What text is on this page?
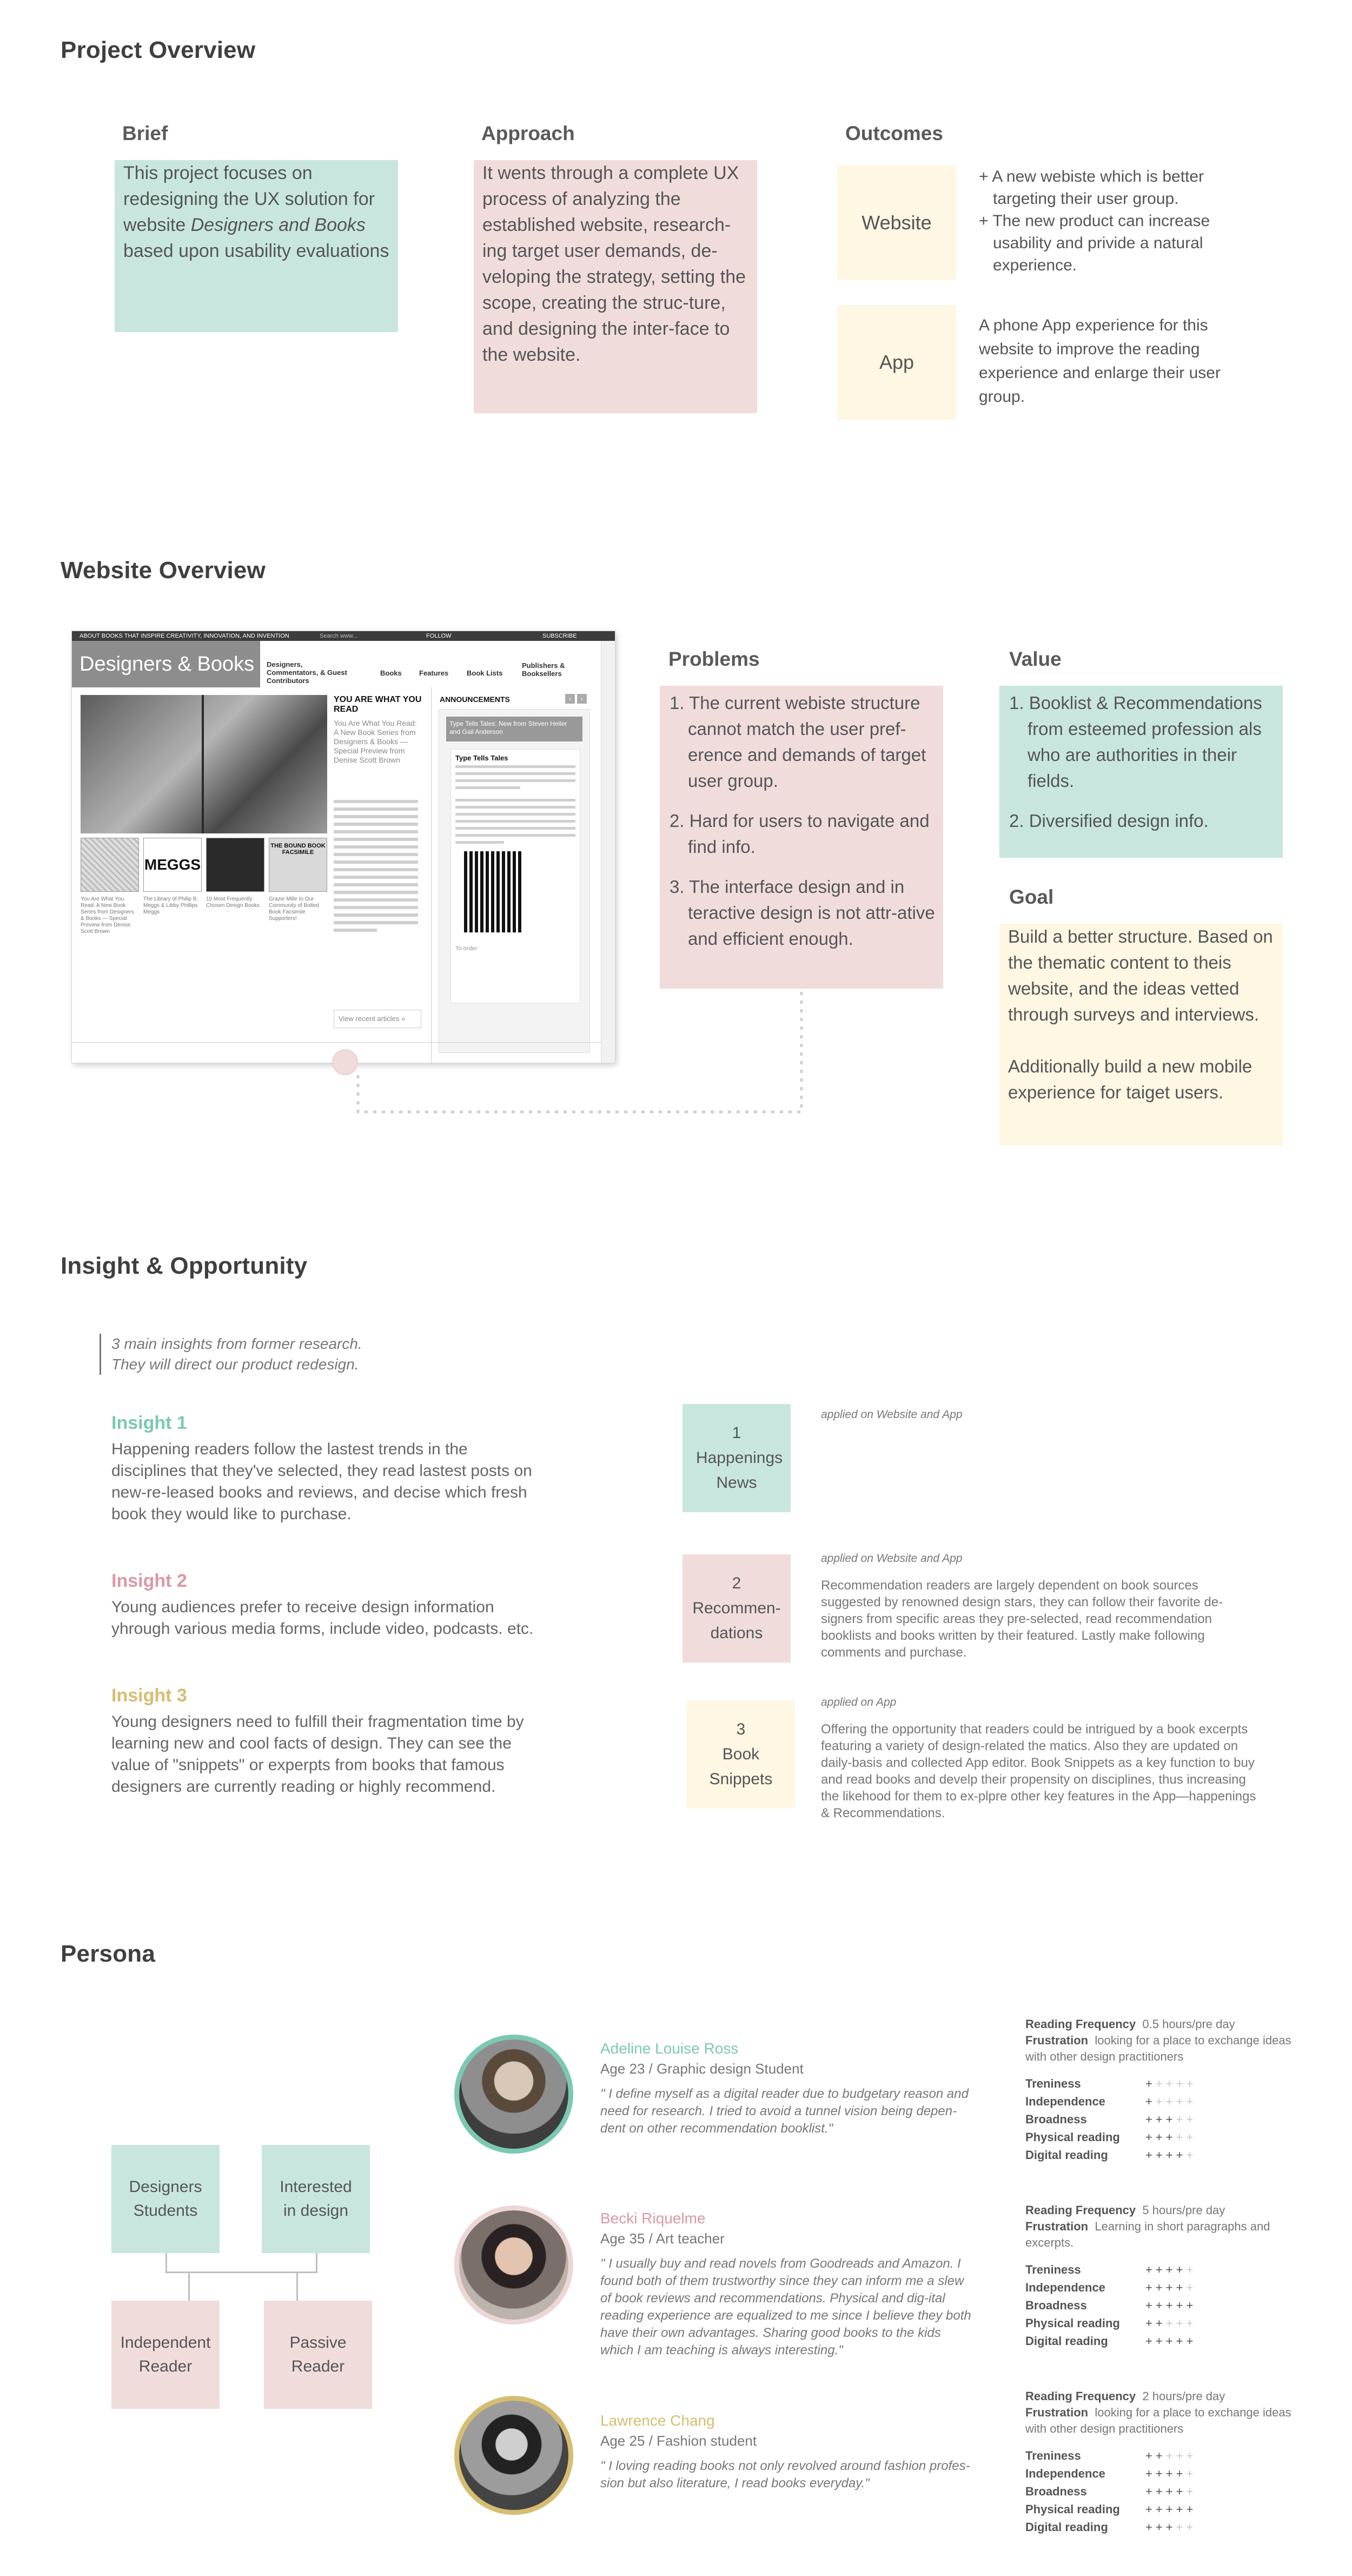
Project Overview
Brief
This project focuses on redesigning the UX solution for website Designers and Books based upon usability evaluations
Approach
It wents through a complete UX process of analyzing the established website, research-ing target user demands, de-veloping the strategy, setting the scope, creating the struc-ture, and designing the inter-face to the website.
Outcomes
Website
+ A new webiste which is better targeting their user group.
+ The new product can increase usability and privide a natural experience.
App
A phone App experience for this website to improve the reading experience and enlarge their user group.
Website Overview
ABOUT BOOKS THAT INSPIRE CREATIVITY, INNOVATION, AND INVENTION	Search www...	FOLLOW	SUBSCRIBE
Designers & Books	Designers, Commentators, & Guest Contributors
Books Features	Book Lists
Publishers & Booksellers
MEGGS
THE BOUND BOOK FACSIMILE
You Are What You Read: A New Book Series from Designers & Books — Special Preview from Denise Scott Brown
The Library of Philip B. Meggs & Libby Phillips Meggs
10 Most Frequently Chosen Design Books
Grazie Mille to Our Community of Bolted Book Facsimile Supporters!
YOU ARE WHAT YOU READ
You Are What You Read: A New Book Series from Designers & Books — Special Preview from Denise Scott Brown
View recent articles »
ANNOUNCEMENTS	‹	›
Type Tells Tales: New from Steven Heller and Gail Anderson
Type Tells Tales
To order
Problems
1. The current webiste structure cannot match the user pref-erence and demands of target user group.
2. Hard for users to navigate and find info.
3. The interface design and in teractive design is not attr-ative and efficient enough.
Value
1. Booklist & Recommendations from esteemed profession als who are authorities in their fields.
2. Diversified design info.
Goal
Build a better structure. Based on the thematic content to theis website, and the ideas vetted through surveys and interviews.
Additionally build a new mobile experience for taiget users.
Insight & Opportunity
3 main insights from former research.
They will direct our product redesign.
Insight 1
Happening readers follow the lastest trends in the disciplines that they've selected, they read lastest posts on new-re-leased books and reviews, and decise which fresh book they would like to purchase.
Insight 2
Young audiences prefer to receive design information yhrough various media forms, include video, podcasts. etc.
Insight 3
Young designers need to fulfill their fragmentation time by learning new and cool facts of design. They can see the value of "snippets" or experpts from books that famous designers are currently reading or highly recommend.
1
Happenings News
applied on Website and App
2
Recommen-dations
applied on Website and App
Recommendation readers are largely dependent on book sources suggested by renowned design stars, they can follow their favorite de-signers from specific areas they pre-selected, read recommendation booklists and books written by their featured. Lastly make following comments and purchase.
3
Book Snippets
applied on App
Offering the opportunity that readers could be intrigued by a book excerpts featuring a variety of design-related the matics. Also they are updated on daily-basis and collected App editor. Book Snippets as a key function to buy and read books and develp their propensity on disciplines, thus increasing the likehood for them to ex-plpre other key features in the App—happenings & Recommendations.
Persona
Designers Students
Interested in design
Independent Reader
Passive Reader
Adeline Louise Ross
Age 23 / Graphic design Student
" I define myself as a digital reader due to budgetary reason and need for research. I tried to avoid a tunnel vision being depen-dent on other recommendation booklist."
Becki Riquelme
Age 35 / Art teacher
" I usually buy and read novels from Goodreads and Amazon. I found both of them trustworthy since they can inform me a slew of book reviews and recommendations. Physical and dig-ital reading experience are equalized to me since I believe they both have their own advantages. Sharing good books to the kids which I am teaching is always interesting."
Lawrence Chang
Age 25 / Fashion student
" I loving reading books not only revolved around fashion profes-sion but also literature, I read books everyday."
Reading Frequency 0.5 hours/pre day
Frustration looking for a place to exchange ideas with other design practitioners
Treniness	+++++
Independence	+++++
Broadness	+++++
Physical reading	+++++
Digital reading	+++++
Reading Frequency 5 hours/pre day
Frustration Learning in short paragraphs and excerpts.
Treniness	+++++
Independence	+++++
Broadness	+++++
Physical reading	+++++
Digital reading	+++++
Reading Frequency 2 hours/pre day
Frustration looking for a place to exchange ideas with other design practitioners
Treniness	+++++
Independence	+++++
Broadness	+++++
Physical reading	+++++
Digital reading	+++++
